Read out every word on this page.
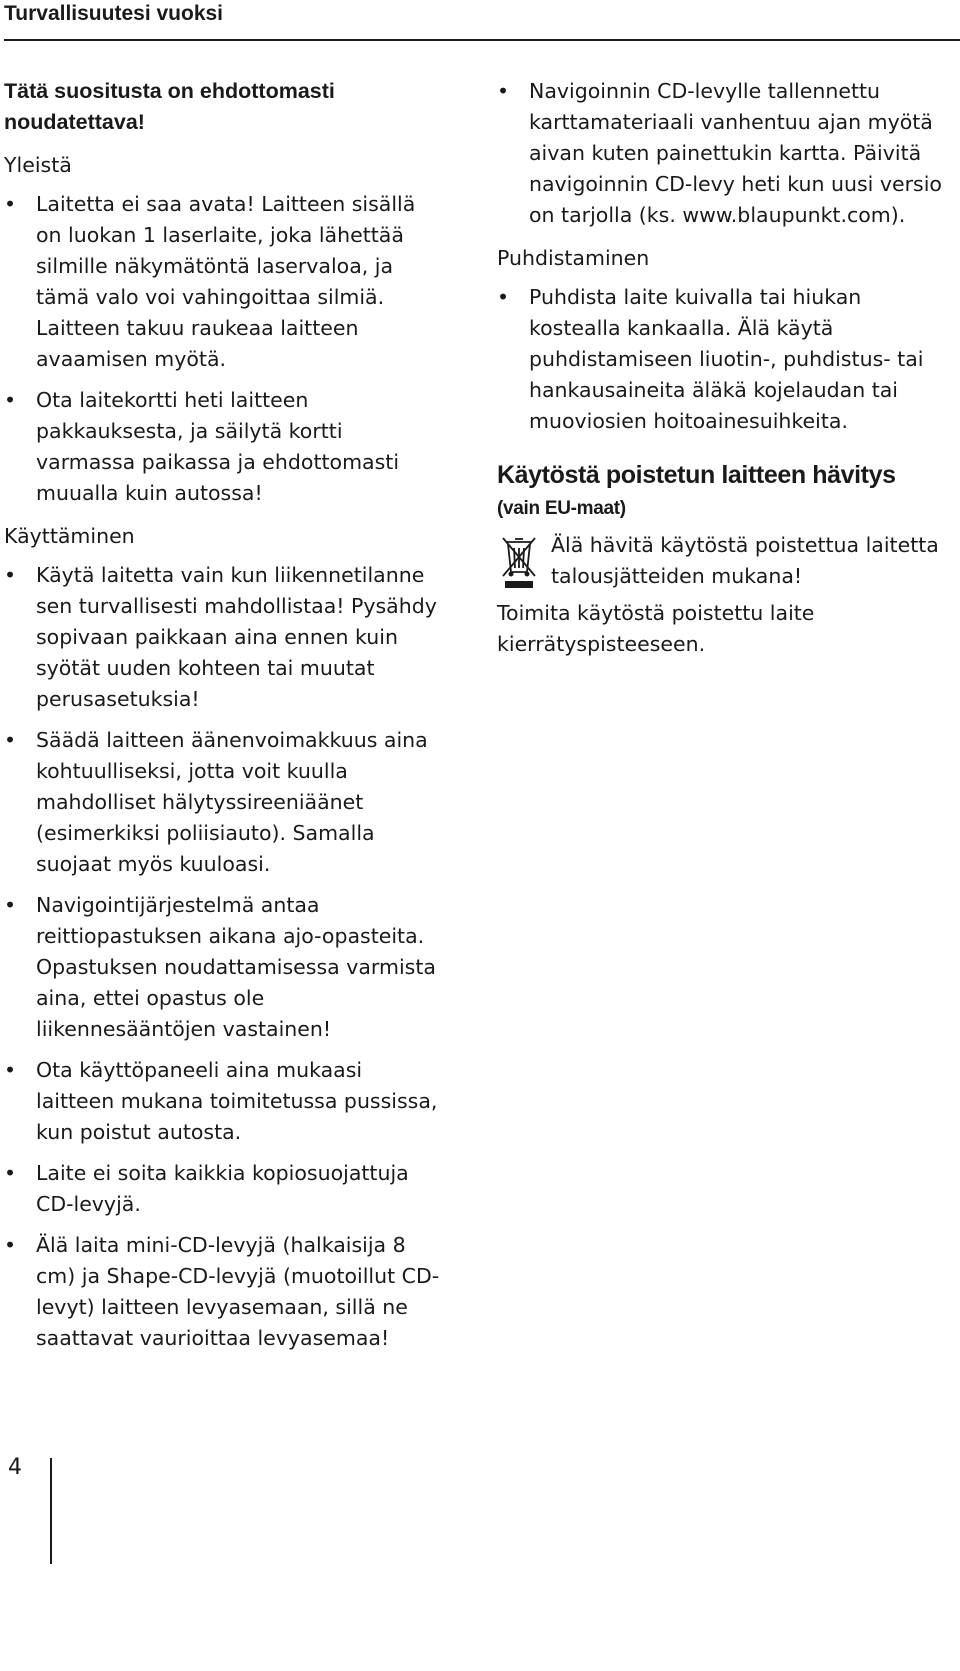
Turvallisuutesi vuoksi
Tätä suositusta on ehdottomasti noudatettava!
Yleistä
• Laitetta ei saa avata! Laitteen sisällä on luokan 1 laserlaite, joka lähettää silmille näkymätöntä laservaloa, ja tämä valo voi vahingoittaa silmiä. Laitteen takuu raukeaa laitteen avaamisen myötä.
• Ota laitekortti heti laitteen pakkauksesta, ja säilytä kortti varmassa paikassa ja ehdottomasti muualla kuin autossa!
Käyttäminen
• Käytä laitetta vain kun liikennetilanne sen turvallisesti mahdollistaa! Pysähdy sopivaan paikkaan aina ennen kuin syötät uuden kohteen tai muutat perusasetuksia!
• Säädä laitteen äänenvoimakkuus aina kohtuulliseksi, jotta voit kuulla mahdolliset hälytyssireeniäänet (esimerkiksi poliisiauto). Samalla suojaat myös kuuloasi.
• Navigointijärjestelmä antaa reittiopastuksen aikana ajo-opasteita. Opastuksen noudattamisessa varmista aina, ettei opastus ole liikennesääntöjen vastainen!
• Ota käyttöpaneeli aina mukaasi laitteen mukana toimitetussa pussissa, kun poistut autosta.
• Laite ei soita kaikkia kopiosuojattuja CD-levyjä.
• Älä laita mini-CD-levyjä (halkaisija 8 cm) ja Shape-CD-levyjä (muotoillut CD-levyt) laitteen levyasemaan, sillä ne saattavat vaurioittaa levyasemaa!
• Navigoinnin CD-levylle tallennettu karttamateriaali vanhentuu ajan myötä aivan kuten painettukin kartta. Päivitä navigoinnin CD-levy heti kun uusi versio on tarjolla (ks. www.blaupunkt.com).
Puhdistaminen
• Puhdista laite kuivalla tai hiukan kostealla kankaalla. Älä käytä puhdistamiseen liuotin-, puhdistus- tai hankausaineita äläkä kojelaudan tai muoviosien hoitoainesuihkeita.
Käytöstä poistetun laitteen hävitys
(vain EU-maat)
Älä hävitä käytöstä poistettua laitetta talousjätteiden mukana!

Toimita käytöstä poistettu laite kierrätyspisteeseen.

4
